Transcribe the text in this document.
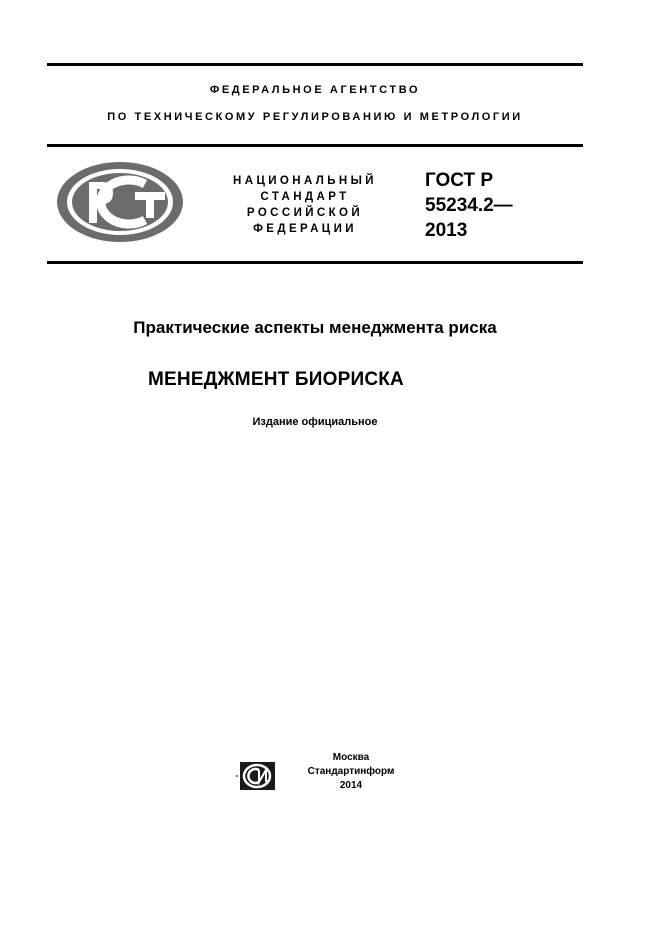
ФЕДЕРАЛЬНОЕ АГЕНТСТВО
ПО ТЕХНИЧЕСКОМУ РЕГУЛИРОВАНИЮ И МЕТРОЛОГИИ
НАЦИОНАЛЬНЫЙ
СТАНДАРТ
РОССИЙСКОЙ
ФЕДЕРАЦИИ
ГОСТ Р
55234.2—
2013
Практические аспекты менеджмента риска
МЕНЕДЖМЕНТ БИОРИСКА
Издание официальное
Москва
Стандартинформ
2014
